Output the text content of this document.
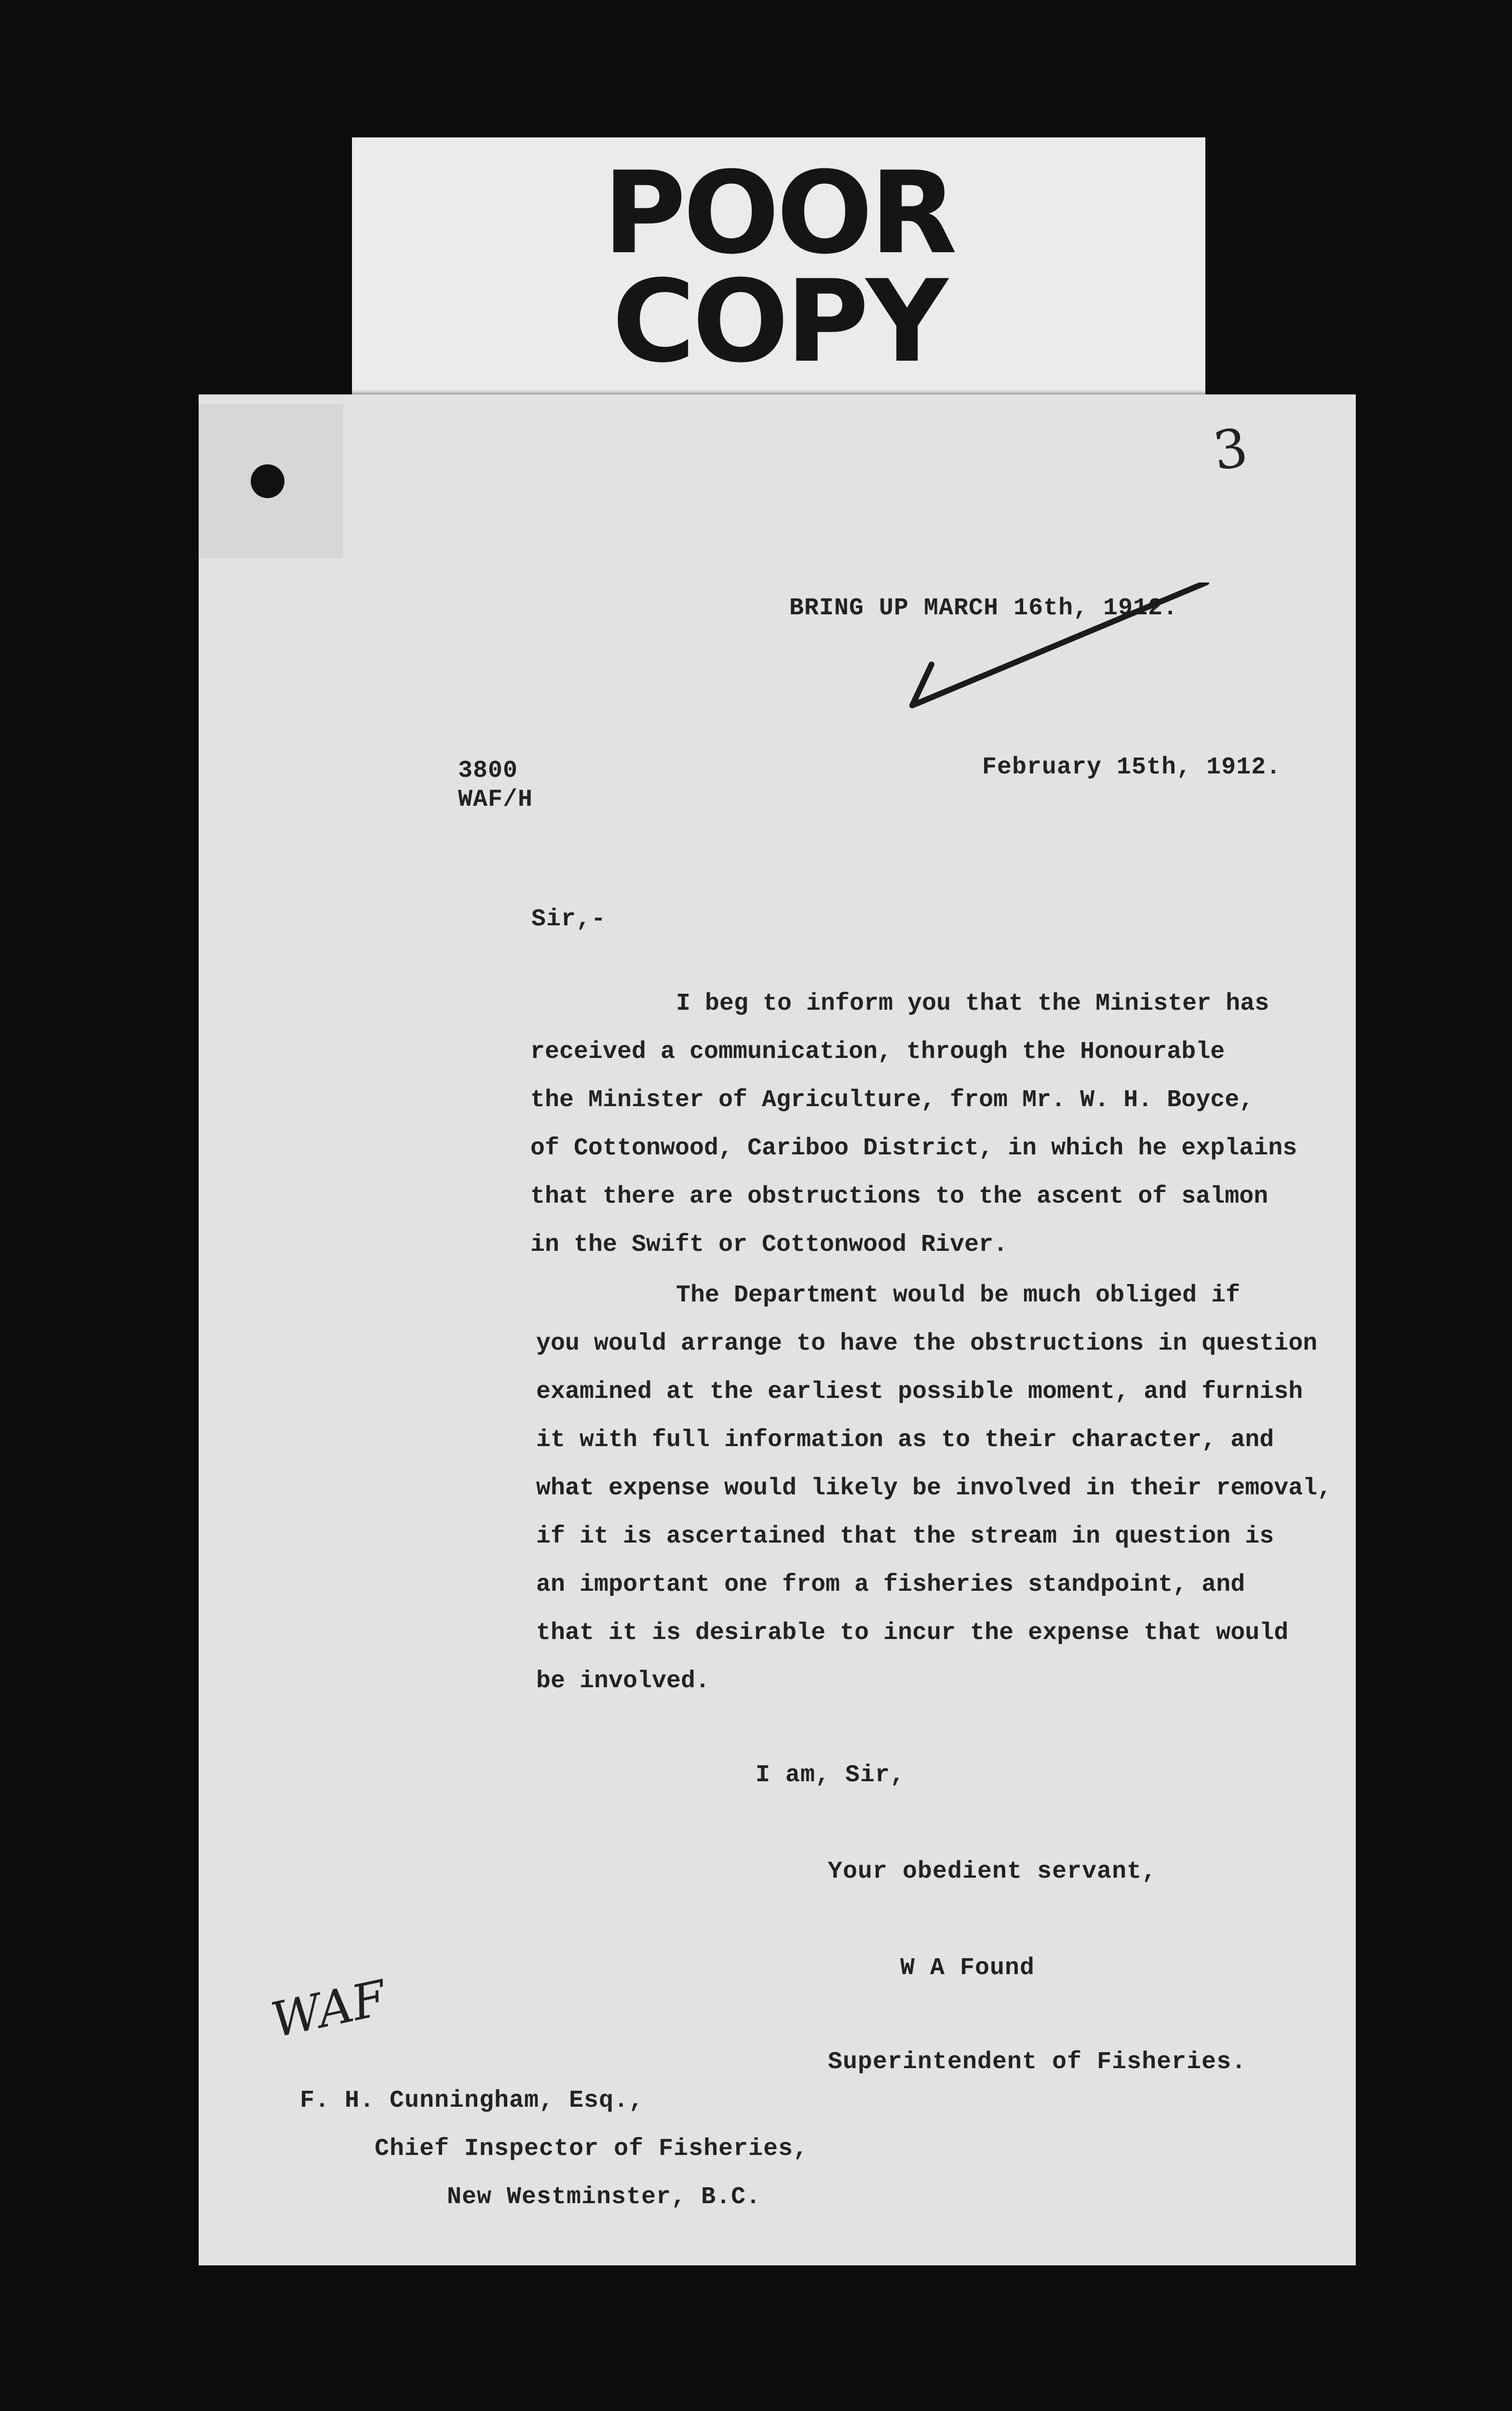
POOR
COPY
3
BRING UP MARCH 16th, 1912.
3800
WAF/H
February 15th, 1912.
Sir,-
I beg to inform you that the Minister has
received a communication, through the Honourable
the Minister of Agriculture, from Mr. W. H. Boyce,
of Cottonwood, Cariboo District, in which he explains
that there are obstructions to the ascent of salmon
in the Swift or Cottonwood River.
The Department would be much obliged if
you would arrange to have the obstructions in question
examined at the earliest possible moment, and furnish
it with full information as to their character, and
what expense would likely be involved in their removal,
if it is ascertained that the stream in question is
an important one from a fisheries standpoint, and
that it is desirable to incur the expense that would
be involved.
I am, Sir,
Your obedient servant,
W A Found
Superintendent of Fisheries.
WAF
F. H. Cunningham, Esq.,
Chief Inspector of Fisheries,
New Westminster, B.C.
